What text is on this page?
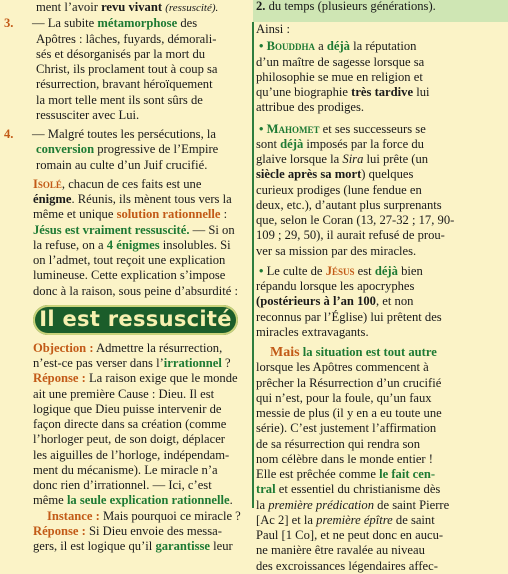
ment l’avoir revu vivant (ressuscité).
3. — La subite métamorphose des
Apôtres : lâches, fuyards, démorali-
sés et désorganisés par la mort du
Christ, ils proclament tout à coup sa
résurrection, bravant héroïquement
la mort telle ment ils sont sûrs de
ressusciter avec Lui.
4. — Malgré toutes les persécutions, la
conversion progressive de l’Empire
romain au culte d’un Juif crucifié.
Isolé, chacun de ces faits est une
énigme. Réunis, ils mènent tous vers la
même et unique solution rationnelle :
Jésus est vraiment ressuscité. — Si on
la refuse, on a 4 énigmes insolubles. Si
on l’admet, tout reçoit une explication
lumineuse. Cette explication s’impose
donc à la raison, sous peine d’absurdité :
Il est ressuscité
Objection : Admettre la résurrection,
n’est-ce pas verser dans l’irrationnel ?
Réponse : La raison exige que le monde
ait une première Cause : Dieu. Il est
logique que Dieu puisse intervenir de
façon directe dans sa création (comme
l’horloger peut, de son doigt, déplacer
les aiguilles de l’horloge, indépendam-
ment du mécanisme). Le miracle n’a
donc rien d’irrationnel. — Ici, c’est
même la seule explication rationnelle.
Instance : Mais pourquoi ce miracle ?
Réponse : Si Dieu envoie des messa-
gers, il est logique qu’il garantisse leur
2. du temps (plusieurs générations).
Ainsi :
• Bouddha a déjà la réputation
d’un maître de sagesse lorsque sa
philosophie se mue en religion et
qu’une biographie très tardive lui
attribue des prodiges.
• Mahomet et ses successeurs se
sont déjà imposés par la force du
glaive lorsque la Sira lui prête (un
siècle après sa mort) quelques
curieux prodiges (lune fendue en
deux, etc.), d’autant plus surprenants
que, selon le Coran (13, 27-32 ; 17, 90-
109 ; 29, 50), il aurait refusé de prou-
ver sa mission par des miracles.
• Le culte de Jésus est déjà bien
répandu lorsque les apocryphes
(postérieurs à l’an 100, et non
reconnus par l’Église) lui prêtent des
miracles extravagants.
Mais la situation est tout autre
lorsque les Apôtres commencent à
prêcher la Résurrection d’un crucifié
qui n’est, pour la foule, qu’un faux
messie de plus (il y en a eu toute une
série). C’est justement l’affirmation
de sa résurrection qui rendra son
nom célèbre dans le monde entier !
Elle est prêchée comme le fait cen-
tral et essentiel du christianisme dès
la première prédication de saint Pierre
[Ac 2] et la première épître de saint
Paul [1 Co], et ne peut donc en aucu-
ne manière être ravalée au niveau
des excroissances légendaires affec-
